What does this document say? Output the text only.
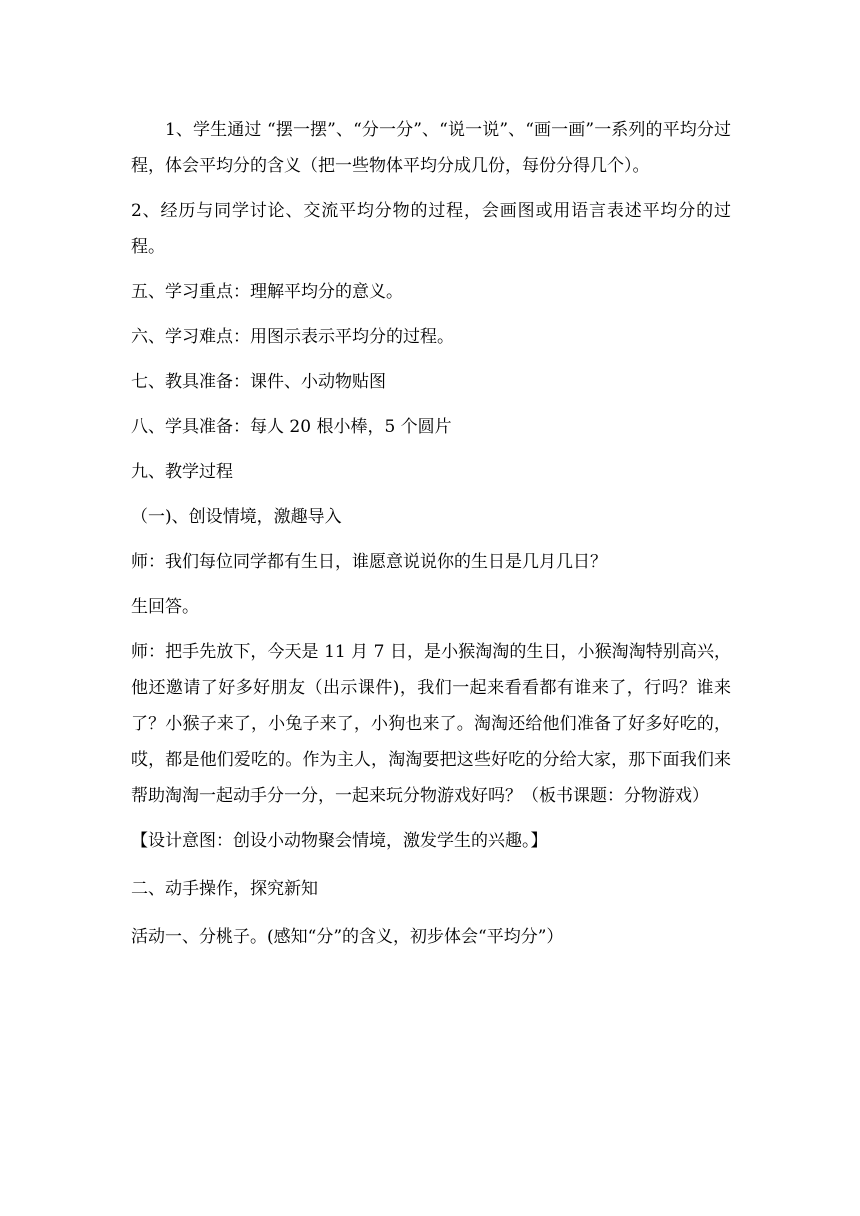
1、学生通过 “摆一摆”、“分一分”、“说一说”、“画一画”一系列的平均分过程，体会平均分的含义（把一些物体平均分成几份，每份分得几个）。

2、经历与同学讨论、交流平均分物的过程，会画图或用语言表述平均分的过程。

五、学习重点：理解平均分的意义。

六、学习难点：用图示表示平均分的过程。

七、教具准备：课件、小动物贴图

八、学具准备：每人 20 根小棒，5 个圆片

九、教学过程

（一)、创设情境，激趣导入

师：我们每位同学都有生日，谁愿意说说你的生日是几月几日？

生回答。

师：把手先放下，今天是 11 月 7 日，是小猴淘淘的生日，小猴淘淘特别高兴，他还邀请了好多好朋友（出示课件)，我们一起来看看都有谁来了，行吗？谁来了？小猴子来了，小兔子来了，小狗也来了。淘淘还给他们准备了好多好吃的，哎，都是他们爱吃的。作为主人，淘淘要把这些好吃的分给大家，那下面我们来帮助淘淘一起动手分一分，一起来玩分物游戏好吗？（板书课题：分物游戏）

【设计意图：创设小动物聚会情境，激发学生的兴趣。】

二、动手操作，探究新知

活动一、分桃子。(感知“分”的含义，初步体会“平均分”）
